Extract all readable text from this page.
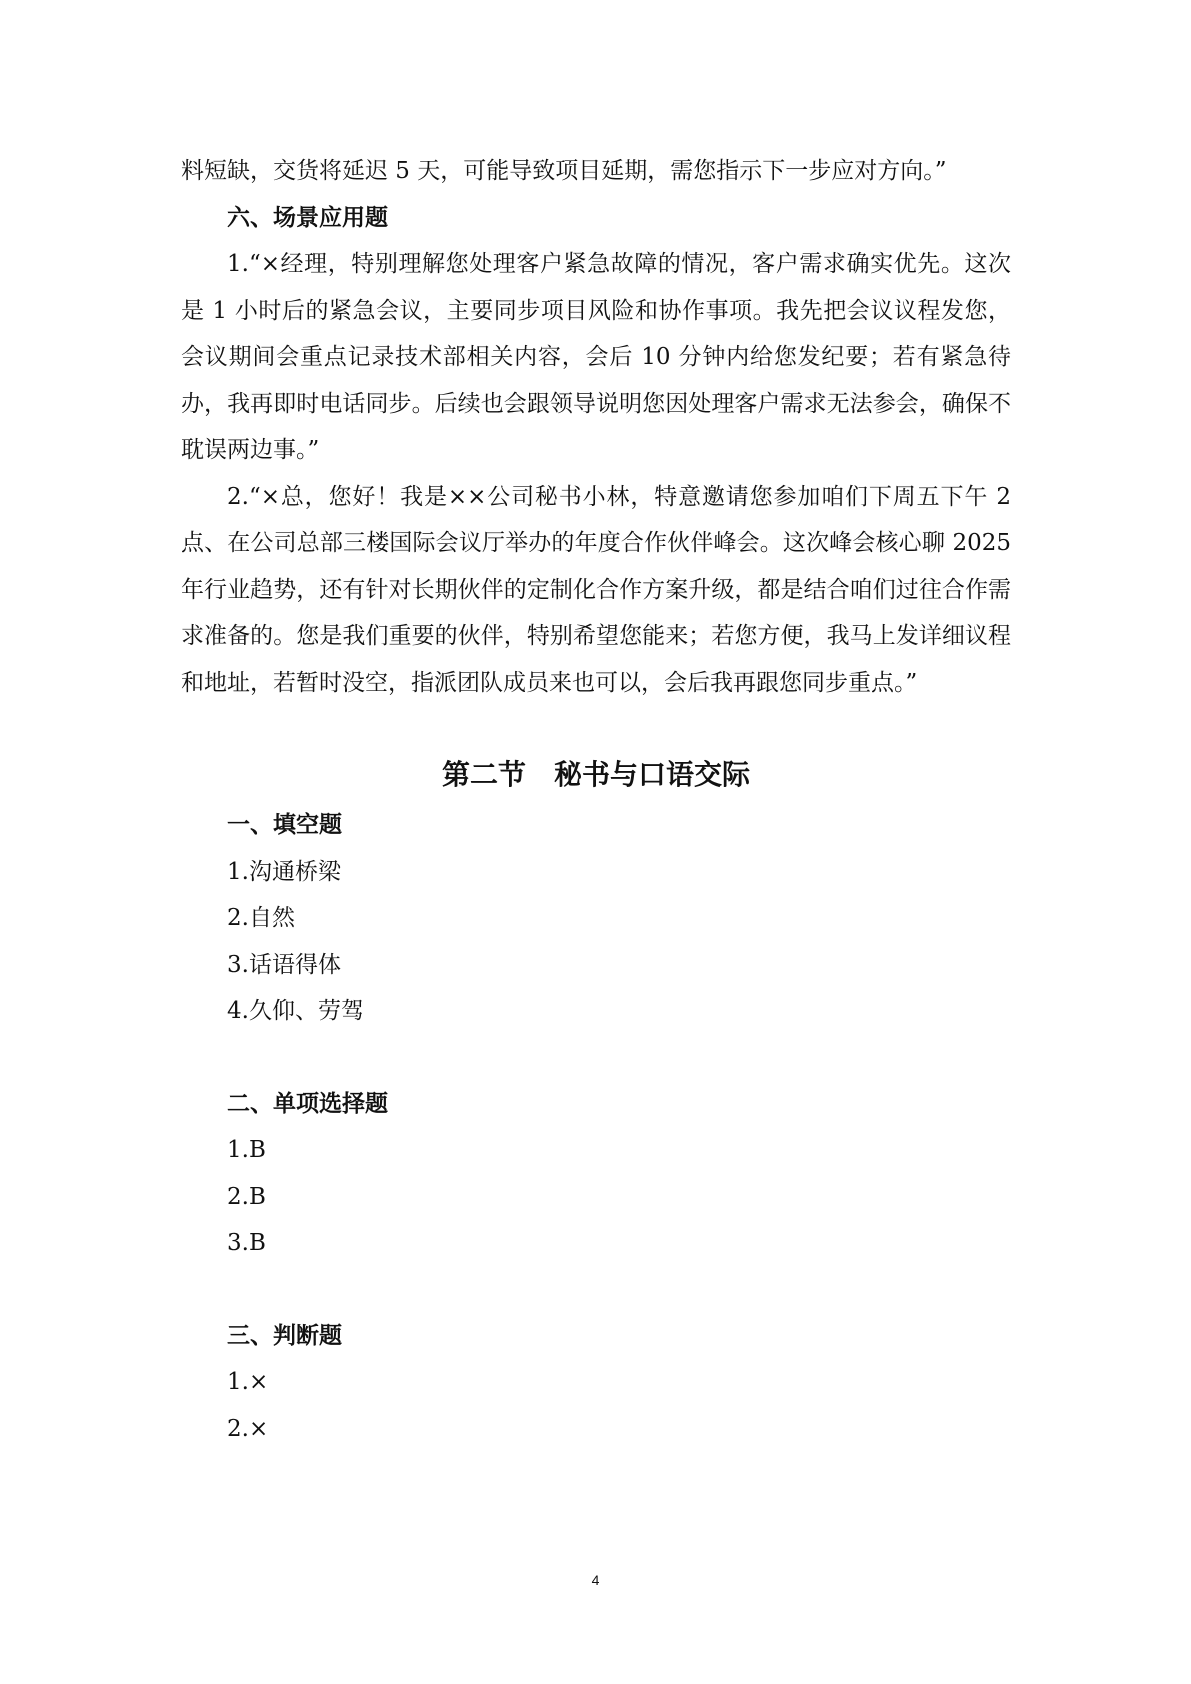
料短缺，交货将延迟 5 天，可能导致项目延期，需您指示下一步应对方向。”

六、场景应用题

1.“×经理，特别理解您处理客户紧急故障的情况，客户需求确实优先。这次是 1 小时后的紧急会议，主要同步项目风险和协作事项。我先把会议议程发您，会议期间会重点记录技术部相关内容，会后 10 分钟内给您发纪要；若有紧急待办，我再即时电话同步。后续也会跟领导说明您因处理客户需求无法参会，确保不耽误两边事。”

2.“×总，您好！我是××公司秘书小林，特意邀请您参加咱们下周五下午 2 点、在公司总部三楼国际会议厅举办的年度合作伙伴峰会。这次峰会核心聊 2025 年行业趋势，还有针对长期伙伴的定制化合作方案升级，都是结合咱们过往合作需求准备的。您是我们重要的伙伴，特别希望您能来；若您方便，我马上发详细议程和地址，若暂时没空，指派团队成员来也可以，会后我再跟您同步重点。”

第二节　秘书与口语交际

一、填空题

1.沟通桥梁

2.自然

3.话语得体

4.久仰、劳驾

二、单项选择题

1.B

2.B

3.B

三、判断题

1.×

2.×

4
